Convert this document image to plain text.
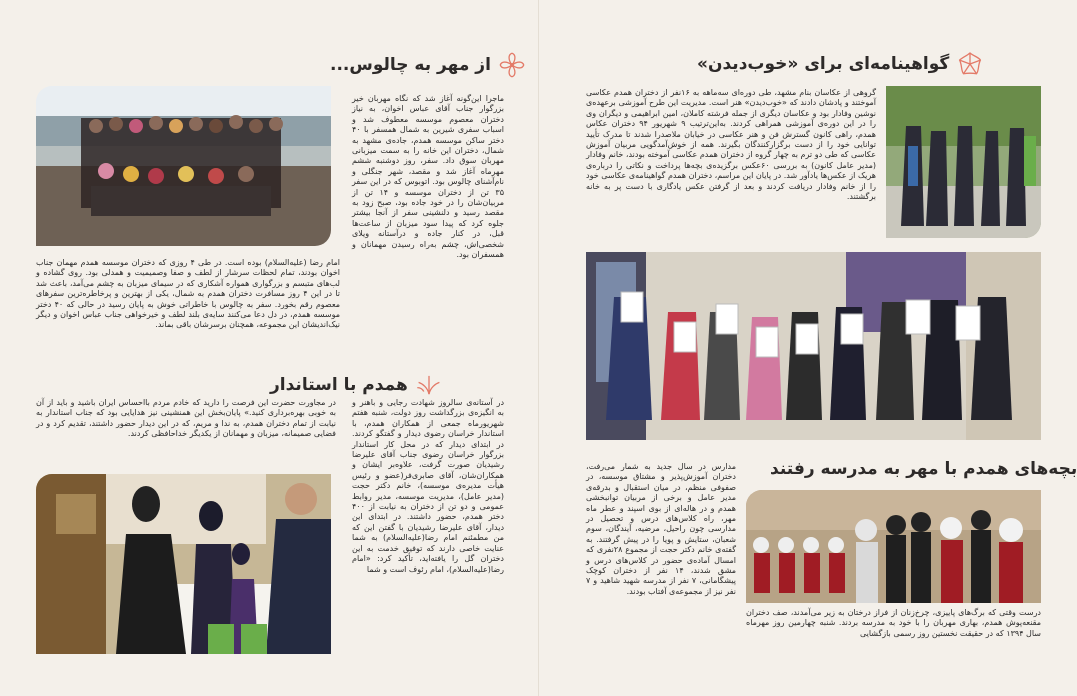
از مهر به چالوس...
ماجرا این‌گونه آغاز شد که نگاه مهربان خیر بزرگوار جناب آقای عباس اخوان، به نیاز دختران معصوم موسسه معطوف شد و اسباب سفری شیرین به شمال همسفر با ۴۰ دختر ساکن موسسه همدم، جاده‌ی مشهد به شمال، دختران این خانه را به سمت میزبانی مهربان سوق داد. سفر، روز دوشنبه ششم مهرماه آغاز شد و مقصد، شهر جنگلی و نام‌آشنای چالوس بود. اتوبوس که در این سفر ۳۵ تن از دختران موسسه و ۱۴ تن از مربیان‌شان را در خود جاده بود، صبح زود به مقصد رسید و دلنشینی سفر از آنجا بیشتر جلوه کرد که پیدا سود میزبان از ساعت‌ها قبل، در کنار جاده و درآستانه ویلای شخصی‌اش، چشم به‌راه رسیدن مهمانان و همسفران بود.
امام رضا (علیه‌السلام) بوده است. در طی ۴ روزی که دختران موسسه همدم مهمان جناب اخوان بودند، تمام لحظات سرشار از لطف و صفا وصمیمیت و همدلی بود. روی گشاده و لب‌های متبسم و بزرگواری همواره آشکاری که در سیمای میزبان به چشم می‌آمد، باعث شد تا در این ۴ روز مسافرت دختران همدم به شمال، یکی از بهترین و پرخاطره‌ترین سفرهای معصوم رقم بخورد. سفر به چالوس با خاطراتی خوش به پایان رسید در حالی که ۴۰ دختر موسسه همدم، در دل دعا می‌کنند سایه‌ی بلند لطف و خیرخواهی جناب عباس اخوان و دیگر نیک‌اندیشان این مجموعه، همچنان برسرشان باقی بماند.
همدم با استاندار
در مجاورت حضرت این فرصت را دارید که خادم مردم بااحساس ایران باشید و باید از آن به خوبی بهره‌برداری کنید.» پایان‌بخش این همنشینی نیز هدایایی بود که جناب استاندار به نیابت از تمام دختران همدم، به ندا و مریم، که در این دیدار حضور داشتند، تقدیم کرد و در فضایی صمیمانه، میزبان و مهمانان از یکدیگر خداحافظی کردند.
در آستانه‌ی سالروز شهادت رجایی و باهنر و به انگیزه‌ی بزرگداشت روز دولت، شنبه هفتم شهریورماه جمعی از همکاران همدم، با استاندار خراسان رضوی دیدار و گفتگو کردند. در ابتدای دیدار که در محل کار استاندار بزرگوار خراسان رضوی جناب آقای علیرضا رشیدیان صورت گرفت، علاوه‌بر ایشان و همکاران‌شان، آقای صابری‌فر(عضو و رئیس هیأت مدیره‌ی موسسه)، خانم دکتر حجت (مدیر عامل)، مدیریت موسسه، مدیر روابط عمومی و دو تن از دختران به نیابت از ۴۰۰ دختر همدم، حضور داشتند. در ابتدای این دیدار، آقای علیرضا رشیدیان با گفتن این که من مطمئنم امام رضا(علیه‌السلام) به شما عنایت خاصی دارند که توفیق خدمت به این دختران گل را یافته‌اید، تأکید کرد: «امام رضا(علیه‌السلام)، امام رئوف است و شما
گواهینامه‌ای برای «خوب‌دیدن»
گروهی از عکاسان بنام مشهد، طی دوره‌ای سه‌ماهه به ۱۶نفر از دختران همدم عکاسی آموختند و پادشان دادند که «خوب‌دیدن» هنر است. مدیریت این طرح آموزشی برعهده‌ی نوشین وفادار بود و عکاسان دیگری از جمله فرشته کاملان، امین ابراهیمی و دیگران وی را در این دوره‌ی آموزشی همراهی کردند. به‌این‌ترتیب ۹ شهریور ۹۴ دختران عکاس همدم، راهی کانون گسترش فن و هنر عکاسی در خیابان ملاصدرا شدند تا مدرک تأیید توانایی خود را از دست برگزارکنندگان بگیرند. همه از خوش‌آمدگویی مربیان آموزش عکاسی که طی دو ترم به چهار گروه از دختران همدم عکاسی آموخته بودند، خانم وفادار (مدیر عامل کانون) به بررسی ۶۰عکس برگزیده‌ی بچه‌ها پرداخت و نکاتی را درباره‌ی هریک از عکس‌ها یادآور شد. در پایان این مراسم، دختران همدم گواهینامه‌ی عکاسی خود را از خانم وفادار دریافت کردند و بعد از گرفتن عکس یادگاری با دست پر به خانه برگشتند.
بچه‌های همدم با مهر به مدرسه رفتند
مدارس در سال جدید به شمار می‌رفت، دختران آموزش‌پذیر و مشتاق موسسه، در صفوفی منظم، در میان استقبال و بدرقه‌ی مدیر عامل و برخی از مربیان توانبخشی همدم و در هاله‌ای از بوی اسپند و عطر ماه مهر، راه کلاس‌های درس و تحصیل در مدارسی چون راحیل، مرضیه، آیندگان، سوم شعبان، ستایش و پویا را در پیش گرفتند. به گفته‌ی خانم دکتر حجت از مجموع ۲۸نفری که امسال آماده‌ی حضور در کلاس‌های درس و مشق شدند، ۱۴ نفر از دختران کوچک پیشگامانی، ۷ نفر از مدرسه شهید شاهید و ۷ نفر نیز از مجموعه‌ی آفتاب بودند.
درست وقتی که برگ‌های پاییزی، چرخ‌زنان از فراز درختان به زیر می‌آمدند، صف دختران مقنعه‌پوش همدم، بهاری مهربان را با خود به مدرسه بردند. شنبه چهارمین روز مهرماه سال ۱۳۹۴ که در حقیقت نخستین روز رسمی بازگشایی
